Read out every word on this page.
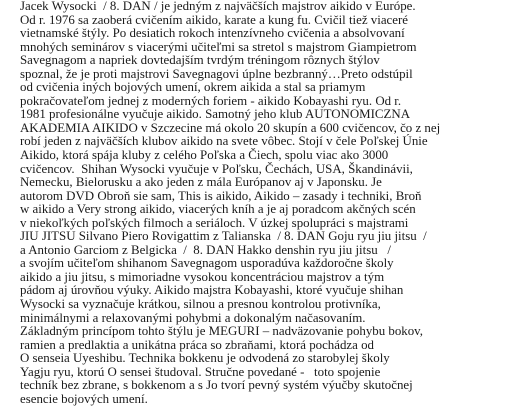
Jacek Wysocki  / 8. DAN / je jedným z najväčších majstrov aikido v Európe.
Od r. 1976 sa zaoberá cvičením aikido, karate a kung fu. Cvičil tiež viaceré
vietnamské štýly. Po desiatich rokoch intenzívneho cvičenia a absolvovaní
mnohých seminárov s viacerými učiteľmi sa stretol s majstrom Giampietrom
Savegnagom a napriek dovtedajším tvrdým tréningom rôznych štýlov
spoznal, že je proti majstrovi Savegnagovi úplne bezbranný…Preto odstúpil
od cvičenia iných bojových umení, okrem aikida a stal sa priamym
pokračovateľom jednej z moderných foriem - aikido Kobayashi ryu. Od r.
1981 profesionálne vyučuje aikido. Samotný jeho klub AUTONOMICZNA
AKADEMIA AIKIDO v Szczecine má okolo 20 skupín a 600 cvičencov, čo z nej
robí jeden z najväčších klubov aikido na svete vôbec. Stojí v čele Poľskej Únie
Aikido, ktorá spája kluby z celého Poľska a Čiech, spolu viac ako 3000
cvičencov.  Shihan Wysocki vyučuje v Poľsku, Čechách, USA, Škandinávii,
Nemecku, Bielorusku a ako jeden z mála Európanov aj v Japonsku. Je
autorom DVD Obroň sie sam, This is aikido, Aikido – zasady i techniki, Broň
w aikido a Very strong aikido, viacerých kníh a je aj poradcom akčných scén
v niekoľkých poľských filmoch a seriáloch. V úzkej spolupráci s majstrami
JIU JITSU Silvano Piero Rovigattim z Talianska  / 8. DAN Goju ryu jiu jitsu  /
a Antonio Garciom z Belgicka  /  8. DAN Hakko denshin ryu jiu jitsu   /
a svojím učiteľom shihanom Savegnagom usporadúva každoročne školy
aikido a jiu jitsu, s mimoriadne vysokou koncentráciou majstrov a tým
pádom aj úrovňou výuky. Aikido majstra Kobayashi, ktoré vyučuje shihan
Wysocki sa vyznačuje krátkou, silnou a presnou kontrolou protivníka,
minimálnymi a relaxovanými pohybmi a dokonalým načasovaním.
Základným princípom tohto štýlu je MEGURI – nadväzovanie pohybu bokov,
ramien a predlaktia a unikátna práca so zbraňami, ktorá pochádza od
O senseia Uyeshibu. Technika bokkenu je odvodená zo starobylej školy
Yagju ryu, ktorú O sensei študoval. Stručne povedané -   toto spojenie
techník bez zbrane, s bokkenom a s Jo tvorí pevný systém výučby skutočnej
esencie bojových umení.
